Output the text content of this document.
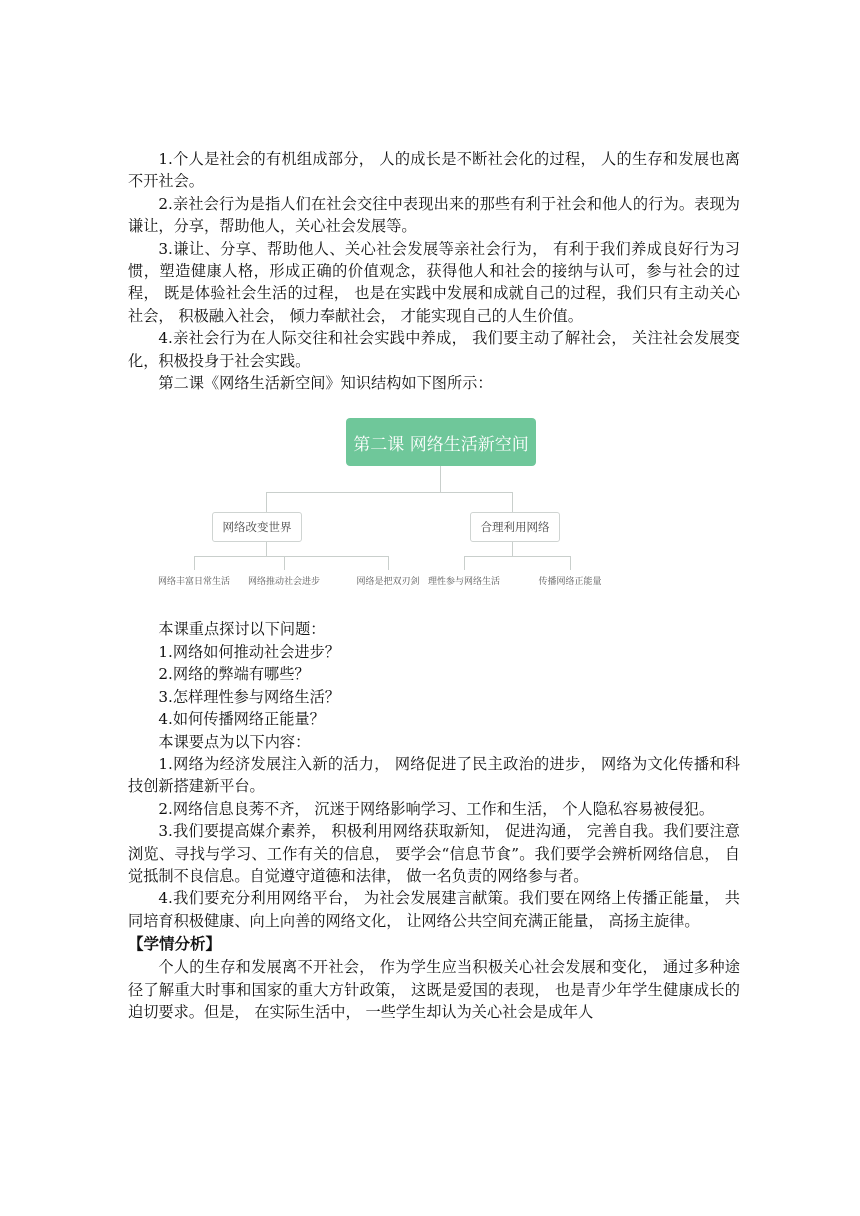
1.个人是社会的有机组成部分， 人的成长是不断社会化的过程， 人的生存和发展也离不开社会。

2.亲社会行为是指人们在社会交往中表现出来的那些有利于社会和他人的行为。表现为谦让，分享，帮助他人，关心社会发展等。

3.谦让、分享、帮助他人、关心社会发展等亲社会行为， 有利于我们养成良好行为习惯，塑造健康人格，形成正确的价值观念，获得他人和社会的接纳与认可，参与社会的过程， 既是体验社会生活的过程， 也是在实践中发展和成就自己的过程，我们只有主动关心社会， 积极融入社会， 倾力奉献社会， 才能实现自己的人生价值。

4.亲社会行为在人际交往和社会实践中养成， 我们要主动了解社会， 关注社会发展变化，积极投身于社会实践。

第二课《网络生活新空间》知识结构如下图所示：

第二课 网络生活新空间
网络改变世界	合理利用网络
网络丰富日常生活 网络推动社会进步	网络是把双刃剑 理性参与网络生活	传播网络正能量

本课重点探讨以下问题：

1.网络如何推动社会进步？

2.网络的弊端有哪些？

3.怎样理性参与网络生活？

4.如何传播网络正能量？

本课要点为以下内容：

1.网络为经济发展注入新的活力， 网络促进了民主政治的进步， 网络为文化传播和科技创新搭建新平台。

2.网络信息良莠不齐， 沉迷于网络影响学习、工作和生活， 个人隐私容易被侵犯。

3.我们要提高媒介素养， 积极利用网络获取新知， 促进沟通， 完善自我。我们要注意浏览、寻找与学习、工作有关的信息， 要学会“信息节食”。我们要学会辨析网络信息， 自觉抵制不良信息。自觉遵守道德和法律， 做一名负责的网络参与者。

4.我们要充分利用网络平台， 为社会发展建言献策。我们要在网络上传播正能量， 共同培育积极健康、向上向善的网络文化， 让网络公共空间充满正能量， 高扬主旋律。

【学情分析】

个人的生存和发展离不开社会， 作为学生应当积极关心社会发展和变化， 通过多种途径了解重大时事和国家的重大方针政策， 这既是爱国的表现， 也是青少年学生健康成长的迫切要求。但是， 在实际生活中， 一些学生却认为关心社会是成年人
